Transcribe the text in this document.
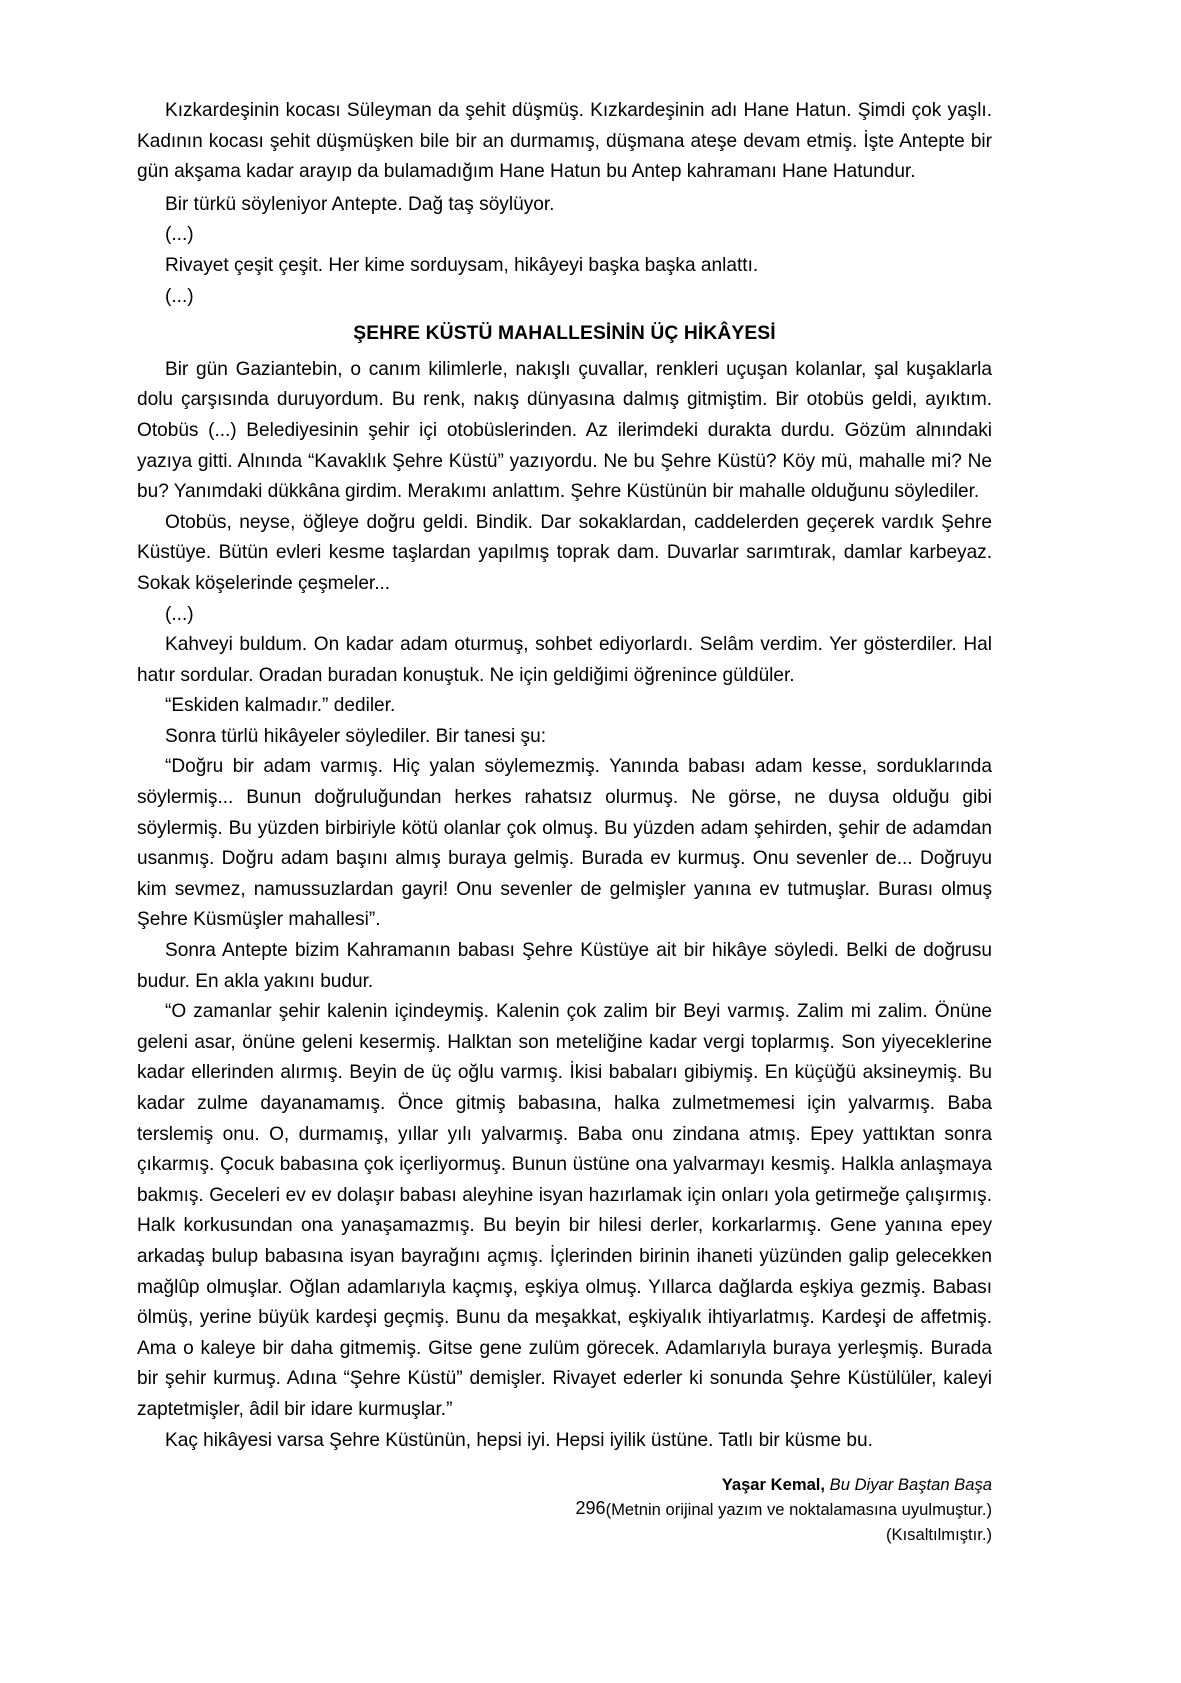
Kızkardeşinin kocası Süleyman da şehit düşmüş. Kızkardeşinin adı Hane Hatun. Şimdi çok yaşlı. Kadının kocası şehit düşmüşken bile bir an durmamış, düşmana ateşe devam etmiş. İşte Antepte bir gün akşama kadar arayıp da bulamadığım Hane Hatun bu Antep kahramanı Hane Hatundur.

Bir türkü söyleniyor Antepte. Dağ taş söylüyor.

(...)

Rivayet çeşit çeşit. Her kime sorduysam, hikâyeyi başka başka anlattı.

(...)

ŞEHRE KÜSTÜ MAHALLESİNİN ÜÇ HİKÂYESİ

Bir gün Gaziantebin, o canım kilimlerle, nakışlı çuvallar, renkleri uçuşan kolanlar, şal kuşaklarla dolu çarşısında duruyordum. Bu renk, nakış dünyasına dalmış gitmiştim. Bir otobüs geldi, ayıktım. Otobüs (...) Belediyesinin şehir içi otobüslerinden. Az ilerimdeki durakta durdu. Gözüm alnındaki yazıya gitti. Alnında “Kavaklık Şehre Küstü” yazıyordu. Ne bu Şehre Küstü? Köy mü, mahalle mi? Ne bu? Yanımdaki dükkâna girdim. Merakımı anlattım. Şehre Küstünün bir mahalle olduğunu söylediler.

Otobüs, neyse, öğleye doğru geldi. Bindik. Dar sokaklardan, caddelerden geçerek vardık Şehre Küstüye. Bütün evleri kesme taşlardan yapılmış toprak dam. Duvarlar sarımtırak, damlar karbeyaz. Sokak köşelerinde çeşmeler...

(...)

Kahveyi buldum. On kadar adam oturmuş, sohbet ediyorlardı. Selâm verdim. Yer gösterdiler. Hal hatır sordular. Oradan buradan konuştuk. Ne için geldiğimi öğrenince güldüler.

“Eskiden kalmadır.” dediler.

Sonra türlü hikâyeler söylediler. Bir tanesi şu:

“Doğru bir adam varmış. Hiç yalan söylemezmiş. Yanında babası adam kesse, sorduklarında söylermiş... Bunun doğruluğundan herkes rahatsız olurmuş. Ne görse, ne duysa olduğu gibi söylermiş. Bu yüzden birbiriyle kötü olanlar çok olmuş. Bu yüzden adam şehirden, şehir de adamdan usanmış. Doğru adam başını almış buraya gelmiş. Burada ev kurmuş. Onu sevenler de... Doğruyu kim sevmez, namussuzlardan gayri! Onu sevenler de gelmişler yanına ev tutmuşlar. Burası olmuş Şehre Küsmüşler mahallesi”.

Sonra Antepte bizim Kahramanın babası Şehre Küstüye ait bir hikâye söyledi. Belki de doğrusu budur. En akla yakını budur.

“O zamanlar şehir kalenin içindeymiş. Kalenin çok zalim bir Beyi varmış. Zalim mi zalim. Önüne geleni asar, önüne geleni kesermiş. Halktan son meteliğine kadar vergi toplarmış. Son yiyeceklerine kadar ellerinden alırmış. Beyin de üç oğlu varmış. İkisi babaları gibiymiş. En küçüğü aksineymiş. Bu kadar zulme dayanamamış. Önce gitmiş babasına, halka zulmetmemesi için yalvarmış. Baba terslemiş onu. O, durmamış, yıllar yılı yalvarmış. Baba onu zindana atmış. Epey yattıktan sonra çıkarmış. Çocuk babasına çok içerliyormuş. Bunun üstüne ona yalvarmayı kesmiş. Halkla anlaşmaya bakmış. Geceleri ev ev dolaşır babası aleyhine isyan hazırlamak için onları yola getirmeğe çalışırmış. Halk korkusundan ona yanaşamazmış. Bu beyin bir hilesi derler, korkarlarmış. Gene yanına epey arkadaş bulup babasına isyan bayrağını açmış. İçlerinden birinin ihaneti yüzünden galip gelecekken mağlûp olmuşlar. Oğlan adamlarıyla kaçmış, eşkiya olmuş. Yıllarca dağlarda eşkiya gezmiş. Babası ölmüş, yerine büyük kardeşi geçmiş. Bunu da meşakkat, eşkiyalık ihtiyarlatmış. Kardeşi de affetmiş. Ama o kaleye bir daha gitmemiş. Gitse gene zulüm görecek. Adamlarıyla buraya yerleşmiş. Burada bir şehir kurmuş. Adına “Şehre Küstü” demişler. Rivayet ederler ki sonunda Şehre Küstülüler, kaleyi zaptetmişler, âdil bir idare kurmuşlar.”

Kaç hikâyesi varsa Şehre Küstünün, hepsi iyi. Hepsi iyilik üstüne. Tatlı bir küsme bu.

Yaşar Kemal, Bu Diyar Baştan Başa
(Metnin orijinal yazım ve noktalamasına uyulmuştur.)
(Kısaltılmıştır.)
296
